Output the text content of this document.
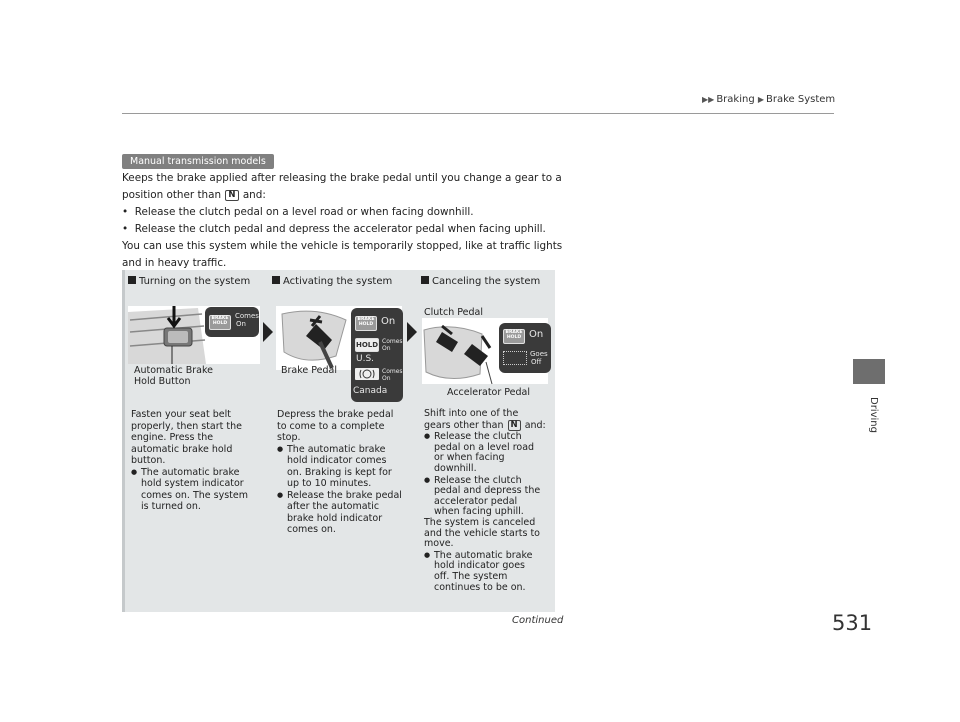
▶▶ Braking ▶ Brake System
Driving
Manual transmission models

Keeps the brake applied after releasing the brake pedal until you change a gear to a

position other than N and:

•  Release the clutch pedal on a level road or when facing downhill.

•  Release the clutch pedal and depress the accelerator pedal when facing uphill.

You can use this system while the vehicle is temporarily stopped, like at traffic lights

and in heavy traffic.

Turning on the system	Activating the system	Canceling the system
BRAKE
HOLD
Comes
On
Automatic Brake
Hold Button
BRAKE
HOLD On
HOLD Comes
On
U.S.
Comes
On
Canada
Brake Pedal
Clutch Pedal
BRAKE
HOLD On
Goes
Off
Accelerator Pedal

Fasten your seat belt

properly, then start the

engine. Press the

automatic brake hold

button.

● The automatic brake

hold system indicator

comes on. The system

is turned on.

Depress the brake pedal

to come to a complete

stop.

● The automatic brake

hold indicator comes

on. Braking is kept for

up to 10 minutes.

● Release the brake pedal

after the automatic

brake hold indicator

comes on.

Shift into one of the

gears other than N and:

● Release the clutch

pedal on a level road

or when facing

downhill.

● Release the clutch

pedal and depress the

accelerator pedal

when facing uphill.

The system is canceled

and the vehicle starts to

move.

● The automatic brake

hold indicator goes

off. The system

continues to be on.

Continued	531
